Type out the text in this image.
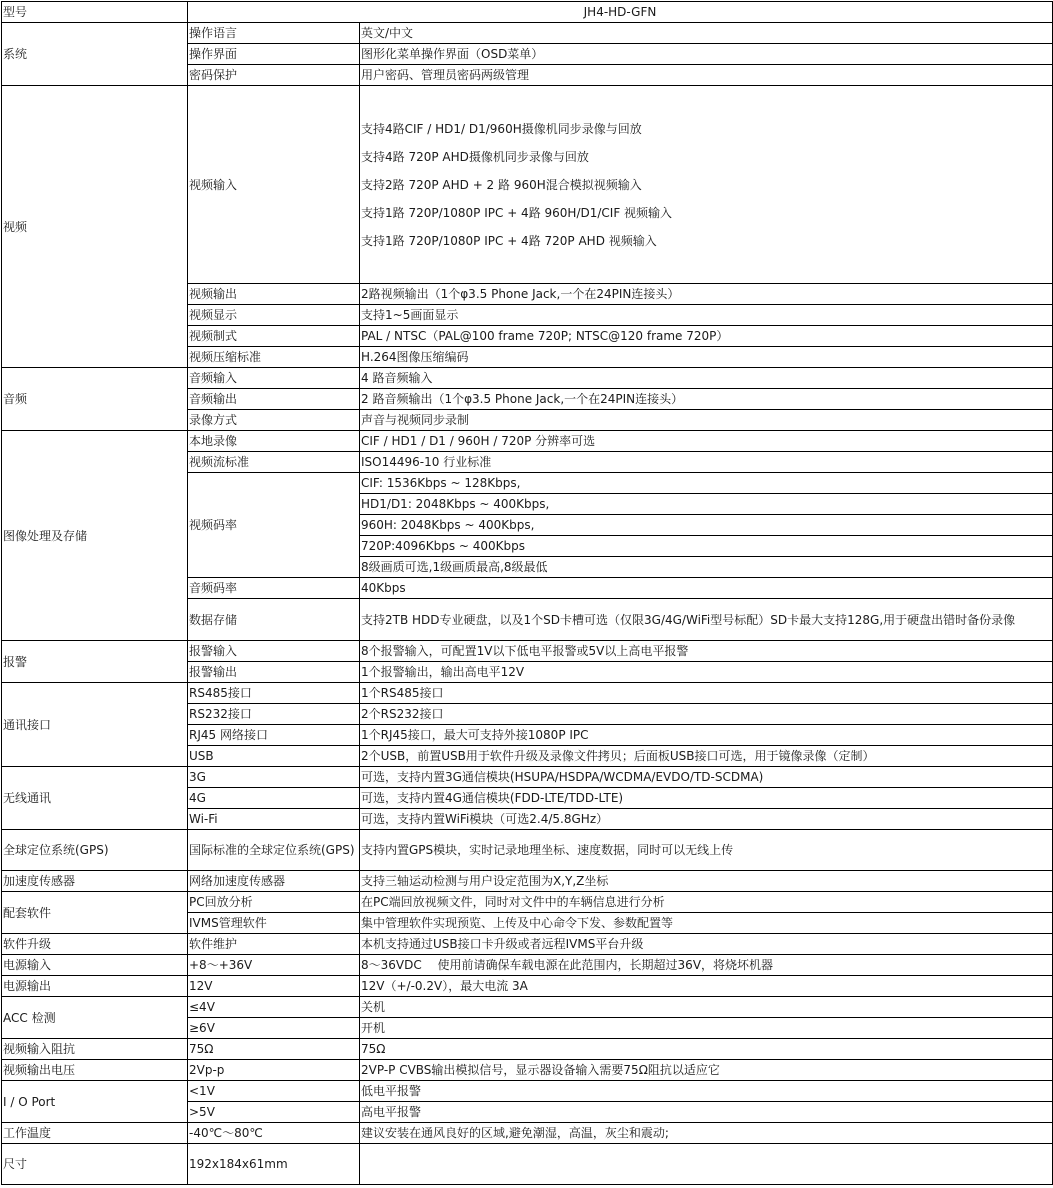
型号	JH4-HD-GFN	
系统	操作语言	英文/中文
	操作界面	图形化菜单操作界面（OSD菜单）
	密码保护	用户密码、管理员密码两级管理
视频	视频输入	支持4路CIF / HD1/ D1/960H摄像机同步录像与回放
支持4路 720P AHD摄像机同步录像与回放
支持2路 720P AHD + 2 路 960H混合模拟视频输入
支持1路 720P/1080P IPC + 4路 960H/D1/CIF 视频输入
支持1路 720P/1080P IPC + 4路 720P AHD 视频输入

	视频输出	2路视频输出（1个φ3.5 Phone Jack,一个在24PIN连接头）
	视频显示	支持1~5画面显示
	视频制式	PAL / NTSC（PAL@100 frame 720P; NTSC@120 frame 720P）
	视频压缩标准	H.264图像压缩编码
音频	音频输入	4 路音频输入
	音频输出	2 路音频输出（1个φ3.5 Phone Jack,一个在24PIN连接头）
	录像方式	声音与视频同步录制
图像处理及存储	本地录像	CIF / HD1 / D1 / 960H / 720P 分辨率可选
	视频流标准	ISO14496-10 行业标准
	视频码率	CIF: 1536Kbps ~ 128Kbps,
		HD1/D1: 2048Kbps ~ 400Kbps,
		960H: 2048Kbps ~ 400Kbps,
		720P:4096Kbps ~ 400Kbps
		8级画质可选,1级画质最高,8级最低
	音频码率	40Kbps
	数据存储	支持2TB HDD专业硬盘，以及1个SD卡槽可选（仅限3G/4G/WiFi型号标配）SD卡最大支持128G,用于硬盘出错时备份录像
报警	报警输入	8个报警输入，可配置1V以下低电平报警或5V以上高电平报警
	报警输出	1个报警输出，输出高电平12V
通讯接口	RS485接口	1个RS485接口
	RS232接口	2个RS232接口
	RJ45 网络接口	1个RJ45接口，最大可支持外接1080P IPC
	USB	2个USB，前置USB用于软件升级及录像文件拷贝；后面板USB接口可选，用于镜像录像（定制）
无线通讯	3G	可选，支持内置3G通信模块(HSUPA/HSDPA/WCDMA/EVDO/TD-SCDMA)
	4G	可选，支持内置4G通信模块(FDD-LTE/TDD-LTE)
	Wi-Fi	可选，支持内置WiFi模块（可选2.4/5.8GHz）
全球定位系统(GPS)	国际标准的全球定位系统(GPS)	支持内置GPS模块，实时记录地理坐标、速度数据，同时可以无线上传
加速度传感器	网络加速度传感器	支持三轴运动检测与用户设定范围为X,Y,Z坐标
配套软件	PC回放分析	在PC端回放视频文件，同时对文件中的车辆信息进行分析
	IVMS管理软件	集中管理软件实现预览、上传及中心命令下发、参数配置等
软件升级	软件维护	本机支持通过USB接口卡升级或者远程IVMS平台升级
电源输入	+8～+36V	8～36VDC　 使用前请确保车载电源在此范围内，长期超过36V，将烧坏机器
电源输出	12V	12V（+/-0.2V），最大电流 3A
ACC 检测	≤4V	关机
	≥6V	开机
视频输入阻抗	75Ω	75Ω
视频输出电压	2Vp-p	2VP-P CVBS输出模拟信号，显示器设备输入需要75Ω阻抗以适应它
I / O Port	<1V	低电平报警
	>5V	高电平报警
工作温度	-40℃～80℃	建议安装在通风良好的区域,避免潮湿，高温，灰尘和震动;
尺寸	192x184x61mm	
